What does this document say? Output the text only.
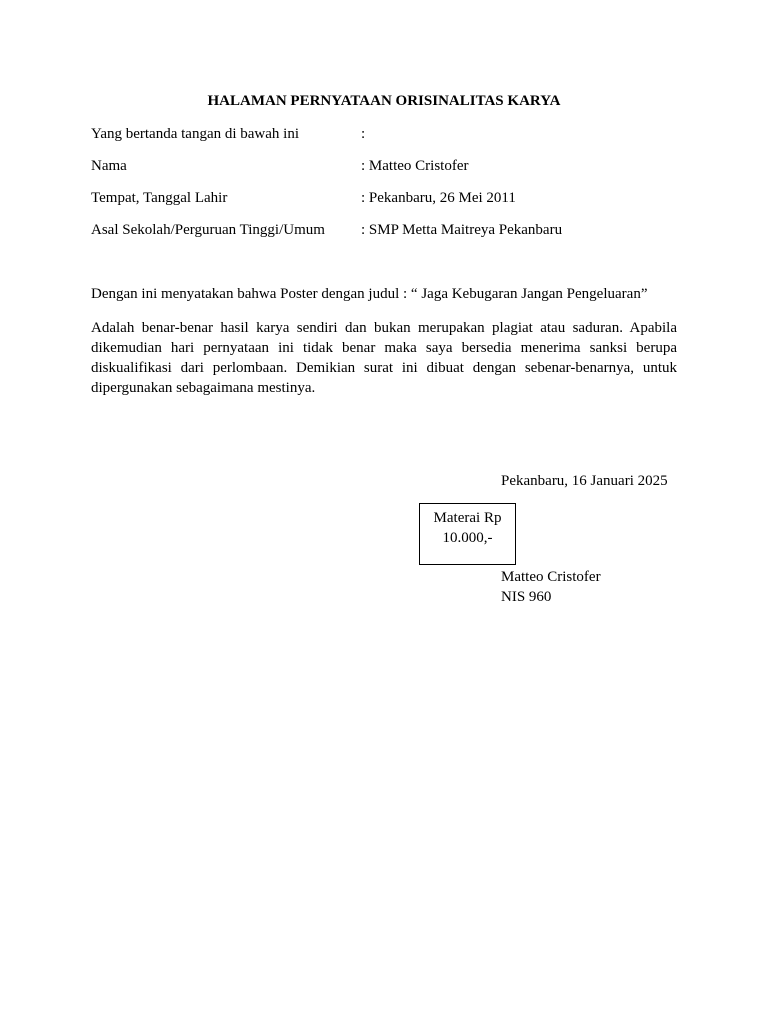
HALAMAN PERNYATAAN ORISINALITAS KARYA
Yang bertanda tangan di bawah ini	:
Nama	: Matteo Cristofer
Tempat, Tanggal Lahir	: Pekanbaru, 26 Mei 2011
Asal Sekolah/Perguruan Tinggi/Umum : SMP Metta Maitreya Pekanbaru
Dengan ini menyatakan bahwa Poster dengan judul : “ Jaga Kebugaran Jangan Pengeluaran”
Adalah benar-benar hasil karya sendiri dan bukan merupakan plagiat atau saduran. Apabila dikemudian hari pernyataan ini tidak benar maka saya bersedia menerima sanksi berupa diskualifikasi dari perlombaan. Demikian surat ini dibuat dengan sebenar-benarnya, untuk dipergunakan sebagaimana mestinya.
Pekanbaru, 16 Januari 2025
Materai Rp
10.000,-
Matteo Cristofer
NIS 960
